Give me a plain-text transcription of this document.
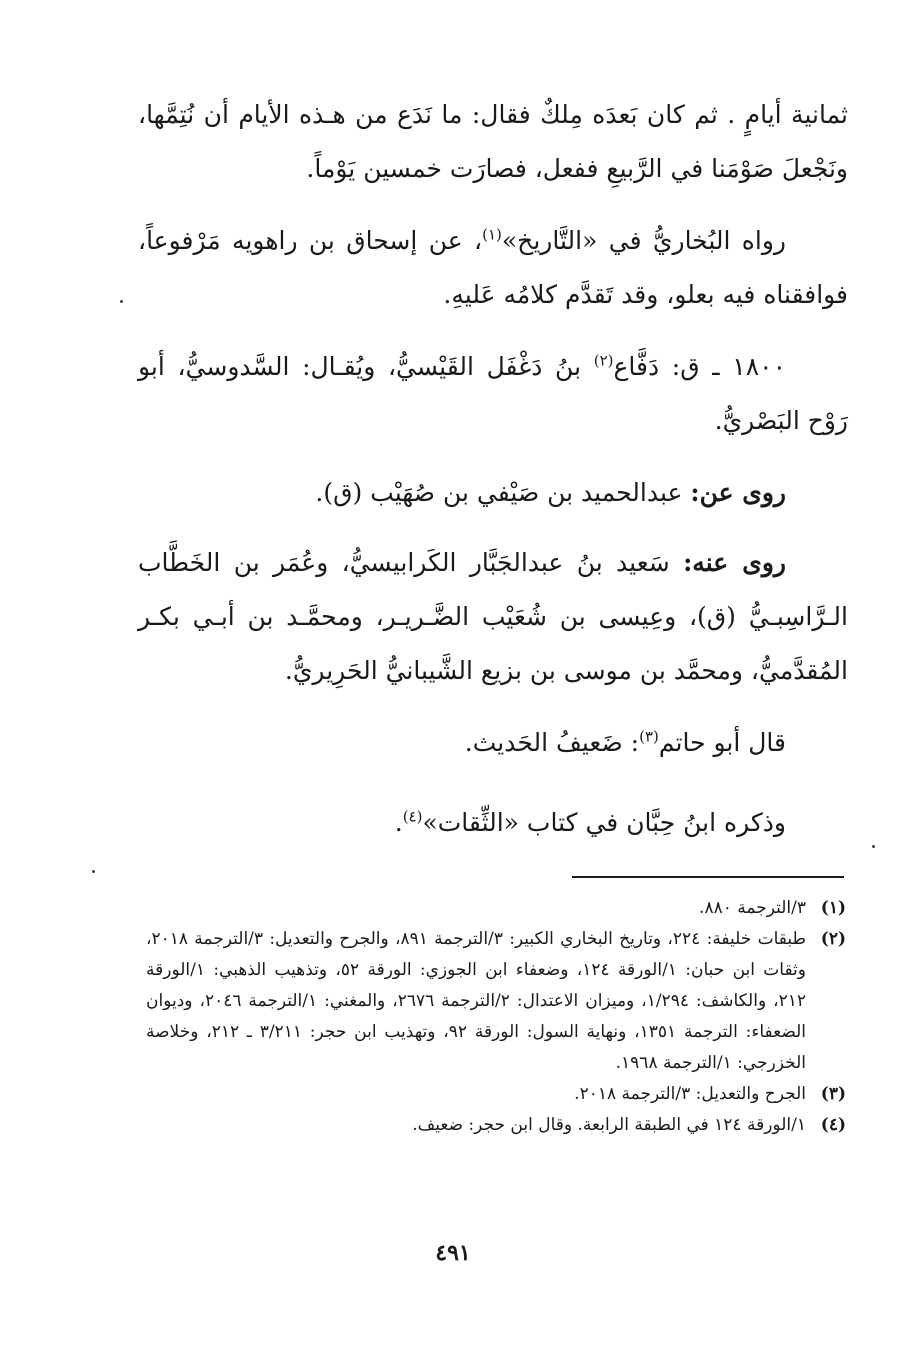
ثمانية أيامٍ . ثم كان بَعدَه مِلكٌ فقال: ما نَدَع من هـذه الأيام أن نُتِمَّها، ونَجْعلَ صَوْمَنا في الرَّبيعِ ففعل، فصارَت خمسين يَوْماً.

رواه البُخاريُّ في «التَّاريخ»$^{(١)}$، عن إسحاق بن راهويه مَرْفوعاً، فوافقناه فيه بعلو، وقد تَقدَّم كلامُه عَليهِ.

١٨٠٠ ـ ق: دَفَّاع$^{(٢)}$ بنُ دَغْفَل القَيْسيُّ، ويُقـال: السَّدوسيُّ، أبو رَوْح البَصْريُّ.

روى عن: عبدالحميد بن صَيْفي بن صُهَيْب (ق).

روى عنه: سَعيد بنُ عبدالجَبَّار الكَرابيسيُّ، وعُمَر بن الخَطَّاب الـرَّاسِبـيُّ (ق)، وعِيسى بن شُعَيْب الضَّـريـر، ومحمَّـد بن أبـي بكـر المُقدَّميُّ، ومحمَّد بن موسى بن بزيع الشَّيبانيُّ الحَرِيريُّ.

قال أبو حاتم$^{(٣)}$: ضَعيفُ الحَديث.

وذكره ابنُ حِبَّان في كتاب «الثِّقات»$^{(٤)}$.

(١)
٣/الترجمة ٨٨٠.
(٢)
طبقات خليفة: ٢٢٤، وتاريخ البخاري الكبير: ٣/الترجمة ٨٩١، والجرح والتعديل: ٣/الترجمة ٢٠١٨، وثقات ابن حبان: ١/الورقة ١٢٤، وضعفاء ابن الجوزي: الورقة ٥٢، وتذهيب الذهبي: ١/الورقة ٢١٢، والكاشف: ١/٢٩٤، وميزان الاعتدال: ٢/الترجمة ٢٦٧٦، والمغني: ١/الترجمة ٢٠٤٦، وديوان الضعفاء: الترجمة ١٣٥١، ونهاية السول: الورقة ٩٢، وتهذيب ابن حجر: ٣/٢١١ ـ ٢١٢، وخلاصة الخزرجي: ١/الترجمة ١٩٦٨.
(٣)
الجرح والتعديل: ٣/الترجمة ٢٠١٨.
(٤)
١/الورقة ١٢٤ في الطبقة الرابعة. وقال ابن حجر: ضعيف.
٤٩١
